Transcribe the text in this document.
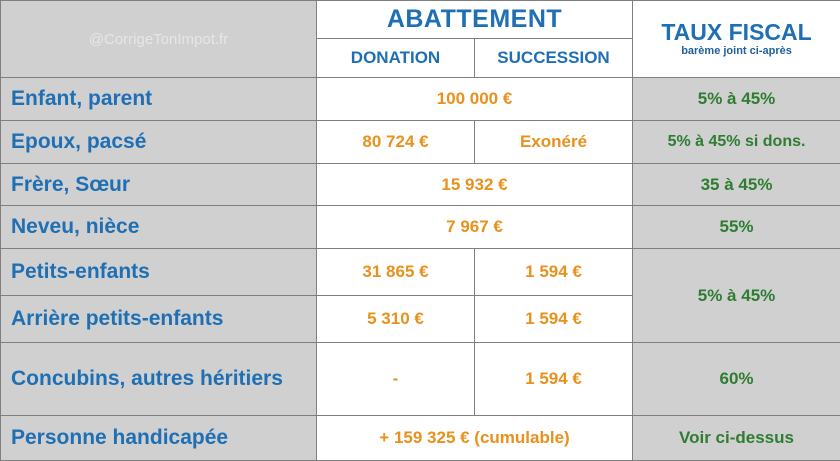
@CorrigeTonImpot.fr	ABATTEMENT		TAUX FISCAL
barème joint ci-après

	DONATION	SUCCESSION	
Enfant, parent	100 000 €		5% à 45%
Epoux, pacsé	80 724 €	Exonéré	5% à 45% si dons.
Frère, Sœur	15 932 €		35 à 45%
Neveu, nièce	7 967 €		55%
Petits-enfants	31 865 €	1 594 €	5% à 45%
Arrière petits-enfants	5 310 €	1 594 €	
Concubins, autres héritiers	-	1 594 €	60%
Personne handicapée	+ 159 325 € (cumulable)		Voir ci-dessus
